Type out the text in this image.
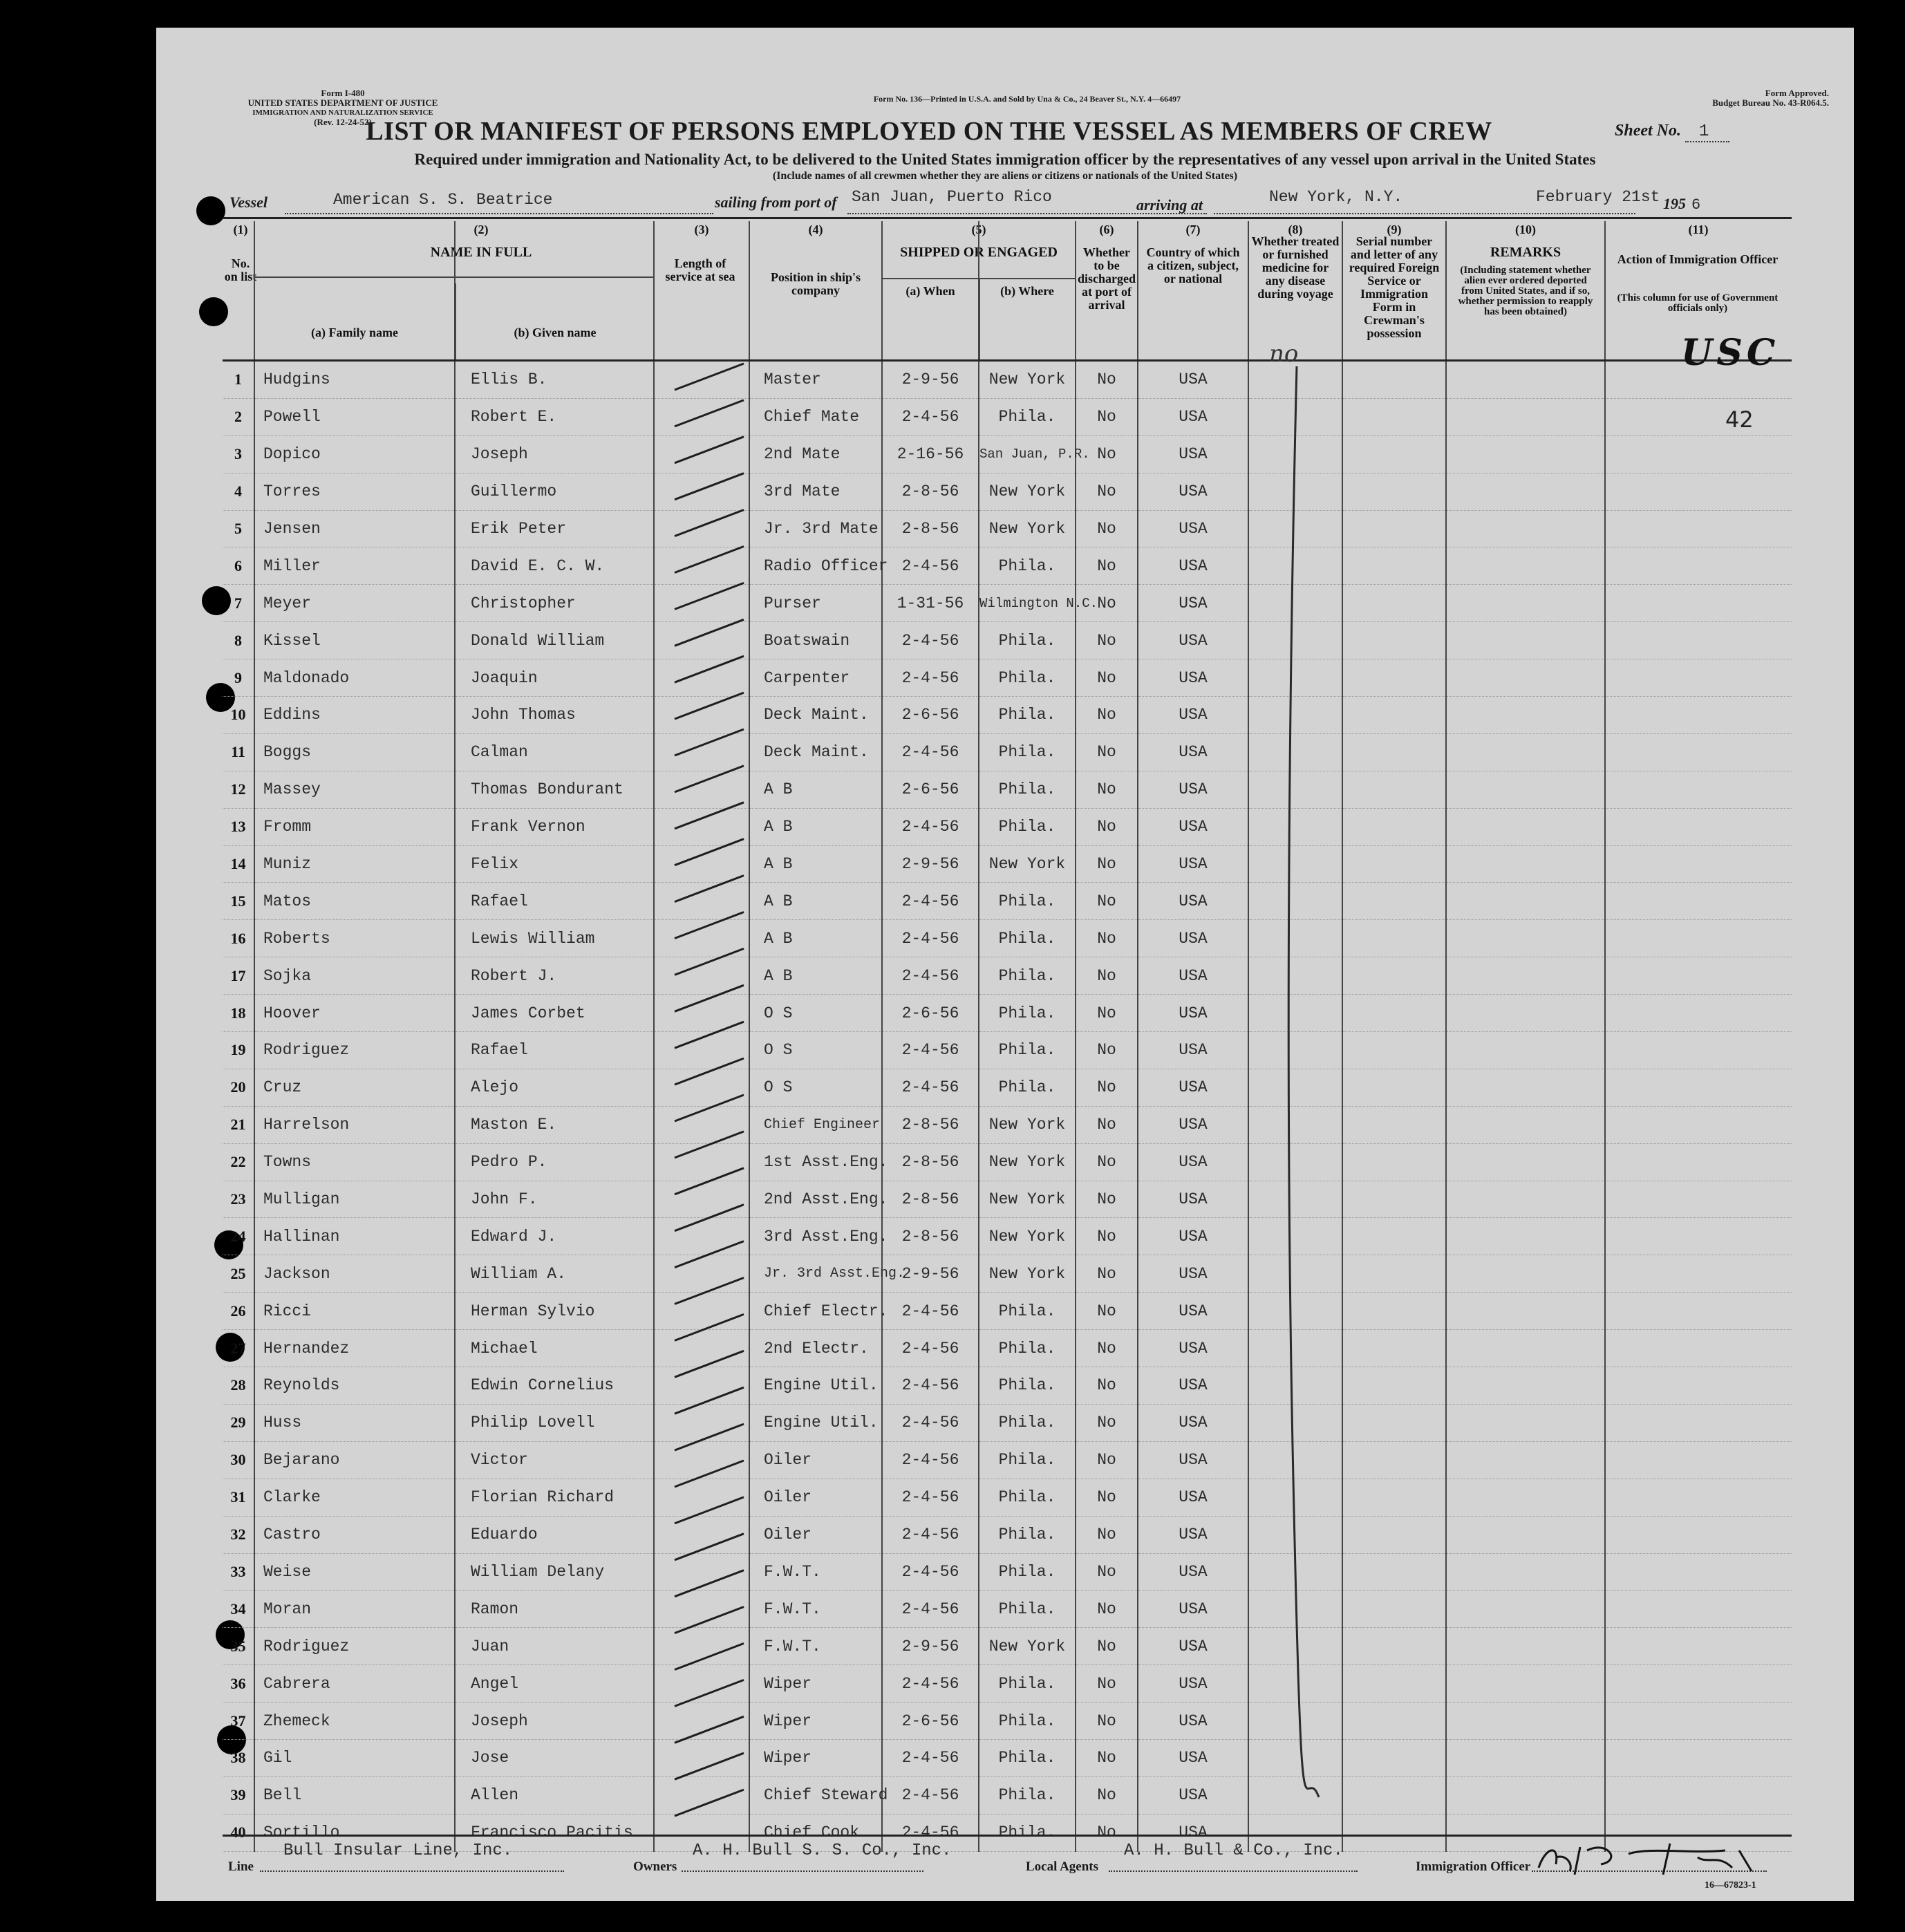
Form I-480
UNITED STATES DEPARTMENT OF JUSTICE
IMMIGRATION AND NATURALIZATION SERVICE
(Rev. 12-24-52)
Form No. 136—Printed in U.S.A. and Sold by Una & Co., 24 Beaver St., N.Y. 4—66497
Form Approved.
Budget Bureau No. 43-R064.5.
LIST OR MANIFEST OF PERSONS EMPLOYED ON THE VESSEL AS MEMBERS OF CREW	Sheet No. 1
Required under immigration and Nationality Act, to be delivered to the United States immigration officer by the representatives of any vessel upon arrival in the United States
(Include names of all crewmen whether they are aliens or citizens or nationals of the United States)
Vessel	American S. S. Beatrice	sailing from port of San Juan, Puerto Rico	arriving at	New York, N.Y.	February 21st 195 6
(1)
No. on list
(2)
NAME IN FULL
(a) Family name	(b) Given name
(3)
Length of service at sea
(4)
Position in ship's company
(5)
SHIPPED OR ENGAGED
(a) When	(b) Where
(6)
Whether to be discharged at port of arrival
(7)
Country of which a citizen, subject, or national
(8)
Whether treated or furnished medicine for any disease during voyage
(9)
Serial number and letter of any required Foreign Service or Immigration Form in Crewman's possession
(10)
REMARKS
(Including statement whether alien ever ordered deported from United States, and if so, whether permission to reapply has been obtained)
(11)
Action of Immigration Officer
(This column for use of Government officials only)

1	Hudgins	Ellis B.		Master	2-9-56	New York	No	USA				
2	Powell	Robert E.		Chief Mate	2-4-56	Phila.	No	USA				
3	Dopico	Joseph		2nd Mate	2-16-56	San Juan, P.R.	No	USA				
4	Torres	Guillermo		3rd Mate	2-8-56	New York	No	USA				
5	Jensen	Erik Peter		Jr. 3rd Mate	2-8-56	New York	No	USA				
6	Miller	David E. C. W.		Radio Officer	2-4-56	Phila.	No	USA				
7	Meyer	Christopher		Purser	1-31-56	Wilmington N.C.	No	USA				
8	Kissel	Donald William		Boatswain	2-4-56	Phila.	No	USA				
9	Maldonado	Joaquin		Carpenter	2-4-56	Phila.	No	USA				
10	Eddins	John Thomas		Deck Maint.	2-6-56	Phila.	No	USA				
11	Boggs	Calman		Deck Maint.	2-4-56	Phila.	No	USA				
12	Massey	Thomas Bondurant		A B	2-6-56	Phila.	No	USA				
13	Fromm	Frank Vernon		A B	2-4-56	Phila.	No	USA				
14	Muniz	Felix		A B	2-9-56	New York	No	USA				
15	Matos	Rafael		A B	2-4-56	Phila.	No	USA				
16	Roberts	Lewis William		A B	2-4-56	Phila.	No	USA				
17	Sojka	Robert J.		A B	2-4-56	Phila.	No	USA				
18	Hoover	James Corbet		O S	2-6-56	Phila.	No	USA				
19	Rodriguez	Rafael		O S	2-4-56	Phila.	No	USA				
20	Cruz	Alejo		O S	2-4-56	Phila.	No	USA				
21	Harrelson	Maston E.		Chief Engineer	2-8-56	New York	No	USA				
22	Towns	Pedro P.		1st Asst.Eng.	2-8-56	New York	No	USA				
23	Mulligan	John F.		2nd Asst.Eng.	2-8-56	New York	No	USA				
24	Hallinan	Edward J.		3rd Asst.Eng.	2-8-56	New York	No	USA				
25	Jackson	William A.		Jr. 3rd Asst.Eng.	2-9-56	New York	No	USA				
26	Ricci	Herman Sylvio		Chief Electr.	2-4-56	Phila.	No	USA				
27	Hernandez	Michael		2nd Electr.	2-4-56	Phila.	No	USA				
28	Reynolds	Edwin Cornelius		Engine Util.	2-4-56	Phila.	No	USA				
29	Huss	Philip Lovell		Engine Util.	2-4-56	Phila.	No	USA				
30	Bejarano	Victor		Oiler	2-4-56	Phila.	No	USA				
31	Clarke	Florian Richard		Oiler	2-4-56	Phila.	No	USA				
32	Castro	Eduardo		Oiler	2-4-56	Phila.	No	USA				
33	Weise	William Delany		F.W.T.	2-4-56	Phila.	No	USA				
34	Moran	Ramon		F.W.T.	2-4-56	Phila.	No	USA				
35	Rodriguez	Juan		F.W.T.	2-9-56	New York	No	USA				
36	Cabrera	Angel		Wiper	2-4-56	Phila.	No	USA				
37	Zhemeck	Joseph		Wiper	2-6-56	Phila.	No	USA				
38	Gil	Jose		Wiper	2-4-56	Phila.	No	USA				
39	Bell	Allen		Chief Steward	2-4-56	Phila.	No	USA				
40	Sortillo	Francisco Pacitis		Chief Cook	2-4-56	Phila.	No	USA				
no	USC
42
Line
Bull Insular Line, Inc.
Owners
A. H. Bull S. S. Co., Inc.
Local Agents
A. H. Bull & Co., Inc.
Immigration Officer
16—67823-1
